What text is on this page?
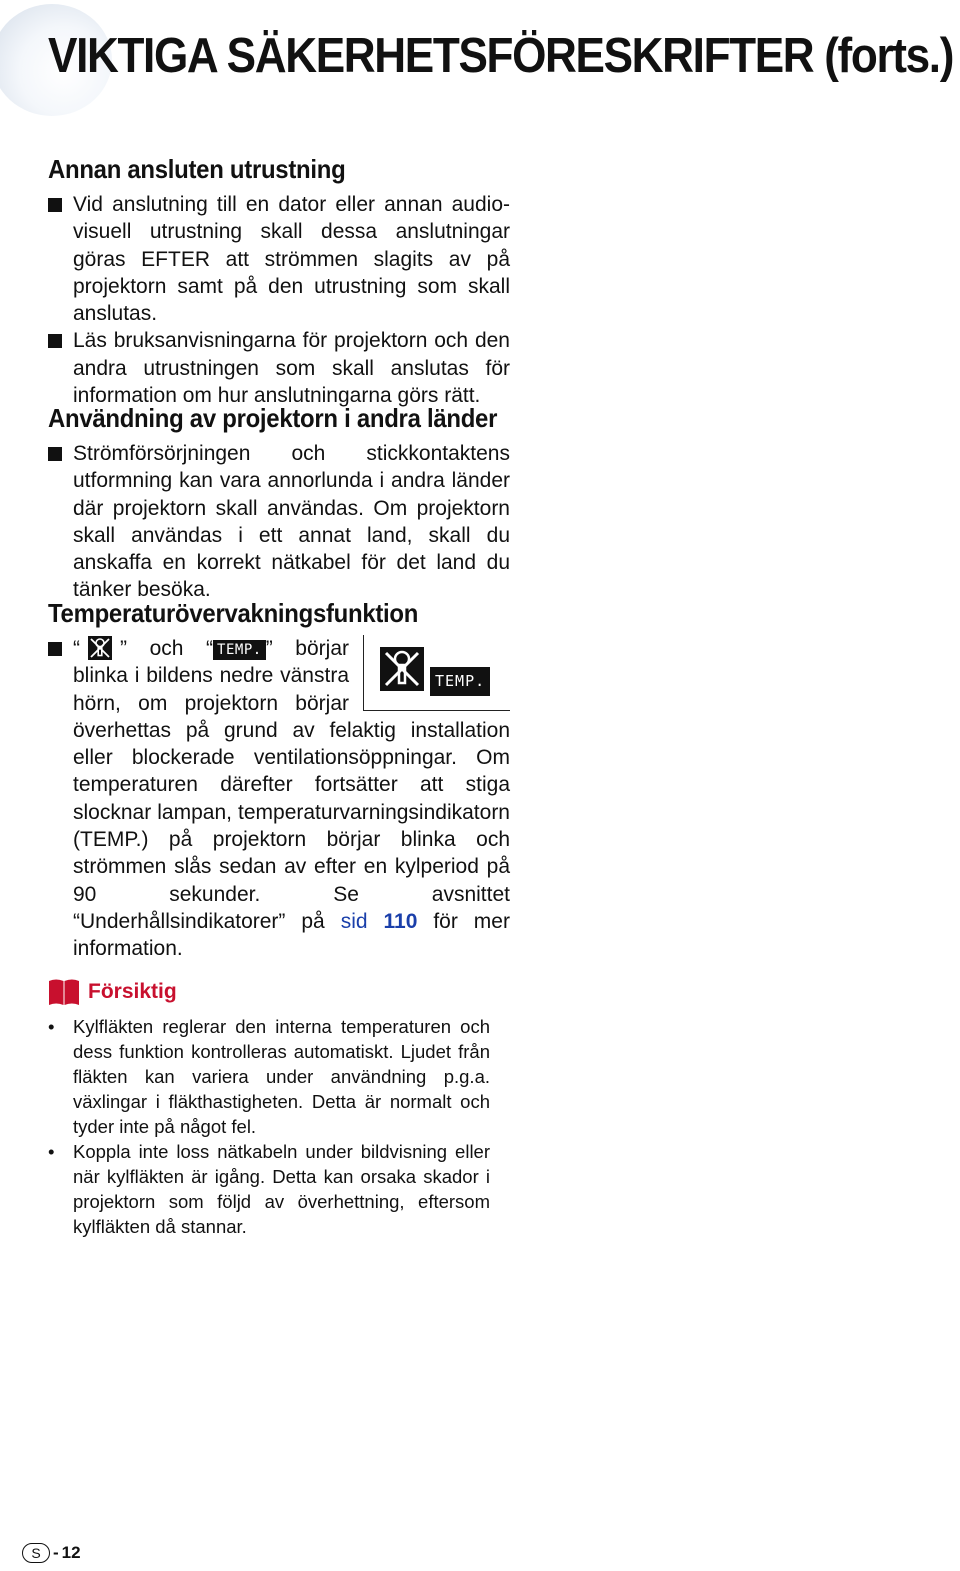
VIKTIGA SÄKERHETSFÖRESKRIFTER (forts.)
Annan ansluten utrustning

Vid anslutning till en dator eller annan audio-visuell utrustning skall dessa anslutningar göras EFTER att strömmen slagits av på projektorn samt på den utrustning som skall anslutas.

Läs bruksanvisningarna för projektorn och den andra utrustningen som skall anslutas för information om hur anslutningarna görs rätt.

Användning av projektorn i andra länder

Strömförsörjningen och stickkontaktens utformning kan vara annorlunda i andra länder där projektorn skall användas. Om projektorn skall användas i ett annat land, skall du anskaffa en korrekt nätkabel för det land du tänker besöka.

Temperaturövervakningsfunktion
TEMP.

“ ” och “ TEMP. ” börjar blinka i bildens nedre vänstra hörn, om projektorn börjar överhettas på grund av felaktig installation eller blockerade ventilationsöppningar. Om temperaturen därefter fortsätter att stiga slocknar lampan, temperaturvarningsindikatorn (TEMP.) på projektorn börjar blinka och strömmen slås sedan av efter en kylperiod på 90 sekunder. Se avsnittet “Underhållsindikatorer” på sid 110 för mer information.

Försiktig

• Kylfläkten reglerar den interna temperaturen och dess funktion kontrolleras automatiskt. Ljudet från fläkten kan variera under användning p.g.a. växlingar i fläkthastigheten. Detta är normalt och tyder inte på något fel.

• Koppla inte loss nätkabeln under bildvisning eller när kylfläkten är igång. Detta kan orsaka skador i projektorn som följd av överhettning, eftersom kylfläkten då stannar.

S - 12
